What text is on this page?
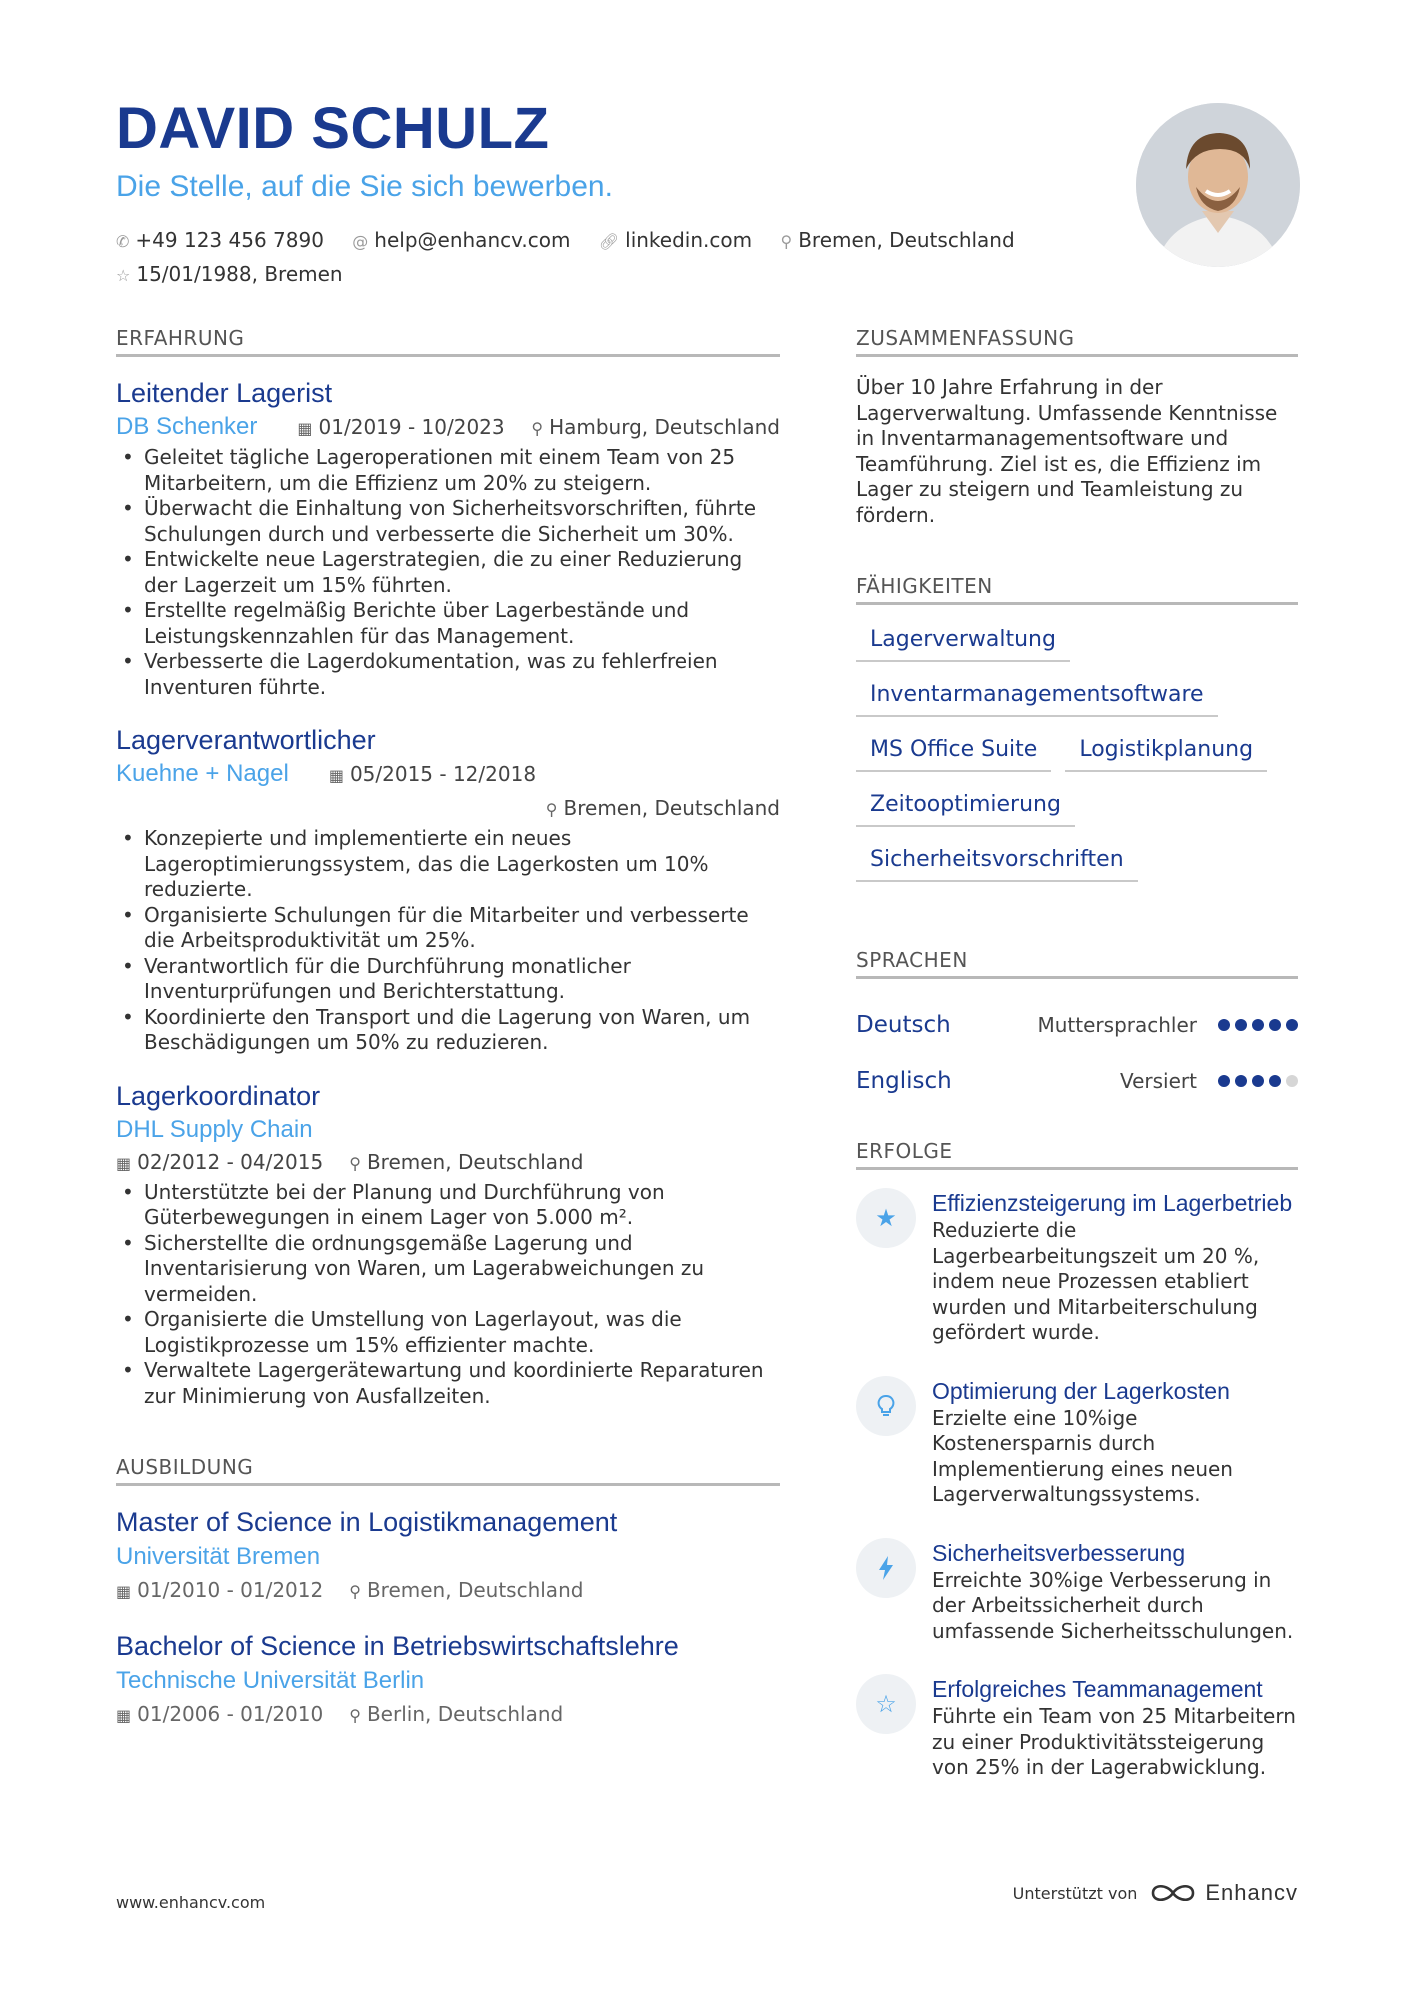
DAVID SCHULZ
Die Stelle, auf die Sie sich bewerben.
✆ +49 123 456 7890 @ help@enhancv.com 🔗︎ linkedin.com ⚲ Bremen, Deutschland
☆ 15/01/1988, Bremen
ERFAHRUNG
Leitender Lagerist
DB Schenker	▦ 01/2019 - 10/2023 ⚲ Hamburg, Deutschland
• Geleitet tägliche Lageroperationen mit einem Team von 25 Mitarbeitern, um die Effizienz um 20% zu steigern.
• Überwacht die Einhaltung von Sicherheitsvorschriften, führte Schulungen durch und verbesserte die Sicherheit um 30%.
• Entwickelte neue Lagerstrategien, die zu einer Reduzierung der Lagerzeit um 15% führten.
• Erstellte regelmäßig Berichte über Lagerbestände und Leistungskennzahlen für das Management.
• Verbesserte die Lagerdokumentation, was zu fehlerfreien Inventuren führte.
Lagerverantwortlicher
Kuehne + Nagel	▦ 05/2015 - 12/2018
⚲ Bremen, Deutschland
• Konzepierte und implementierte ein neues Lageroptimierungssystem, das die Lagerkosten um 10% reduzierte.
• Organisierte Schulungen für die Mitarbeiter und verbesserte die Arbeitsproduktivität um 25%.
• Verantwortlich für die Durchführung monatlicher Inventurprüfungen und Berichterstattung.
• Koordinierte den Transport und die Lagerung von Waren, um Beschädigungen um 50% zu reduzieren.
Lagerkoordinator
DHL Supply Chain
▦ 02/2012 - 04/2015 ⚲ Bremen, Deutschland
• Unterstützte bei der Planung und Durchführung von Güterbewegungen in einem Lager von 5.000 m².
• Sicherstellte die ordnungsgemäße Lagerung und Inventarisierung von Waren, um Lagerabweichungen zu vermeiden.
• Organisierte die Umstellung von Lagerlayout, was die Logistikprozesse um 15% effizienter machte.
• Verwaltete Lagergerätewartung und koordinierte Reparaturen zur Minimierung von Ausfallzeiten.
AUSBILDUNG
Master of Science in Logistikmanagement
Universität Bremen
▦ 01/2010 - 01/2012 ⚲ Bremen, Deutschland
Bachelor of Science in Betriebswirtschaftslehre
Technische Universität Berlin
▦ 01/2006 - 01/2010 ⚲ Berlin, Deutschland
ZUSAMMENFASSUNG

Über 10 Jahre Erfahrung in der Lagerverwaltung. Umfassende Kenntnisse in Inventarmanagementsoftware und Teamführung. Ziel ist es, die Effizienz im Lager zu steigern und Teamleistung zu fördern.

FÄHIGKEITEN
Lagerverwaltung
Inventarmanagementsoftware
MS Office Suite	Logistikplanung
Zeitooptimierung
Sicherheitsvorschriften
SPRACHEN
Deutsch	Muttersprachler
Englisch	Versiert
ERFOLGE
★
Effizienzsteigerung im Lagerbetrieb
Reduzierte die Lagerbearbeitungszeit um 20 %, indem neue Prozessen etabliert wurden und Mitarbeiterschulung gefördert wurde.
Optimierung der Lagerkosten
Erzielte eine 10%ige Kostenersparnis durch Implementierung eines neuen Lagerverwaltungssystems.
Sicherheitsverbesserung
Erreichte 30%ige Verbesserung in der Arbeitssicherheit durch umfassende Sicherheitsschulungen.
☆
Erfolgreiches Teammanagement
Führte ein Team von 25 Mitarbeitern zu einer Produktivitätssteigerung von 25% in der Lagerabwicklung.
www.enhancv.com	Unterstützt von	Enhancv
